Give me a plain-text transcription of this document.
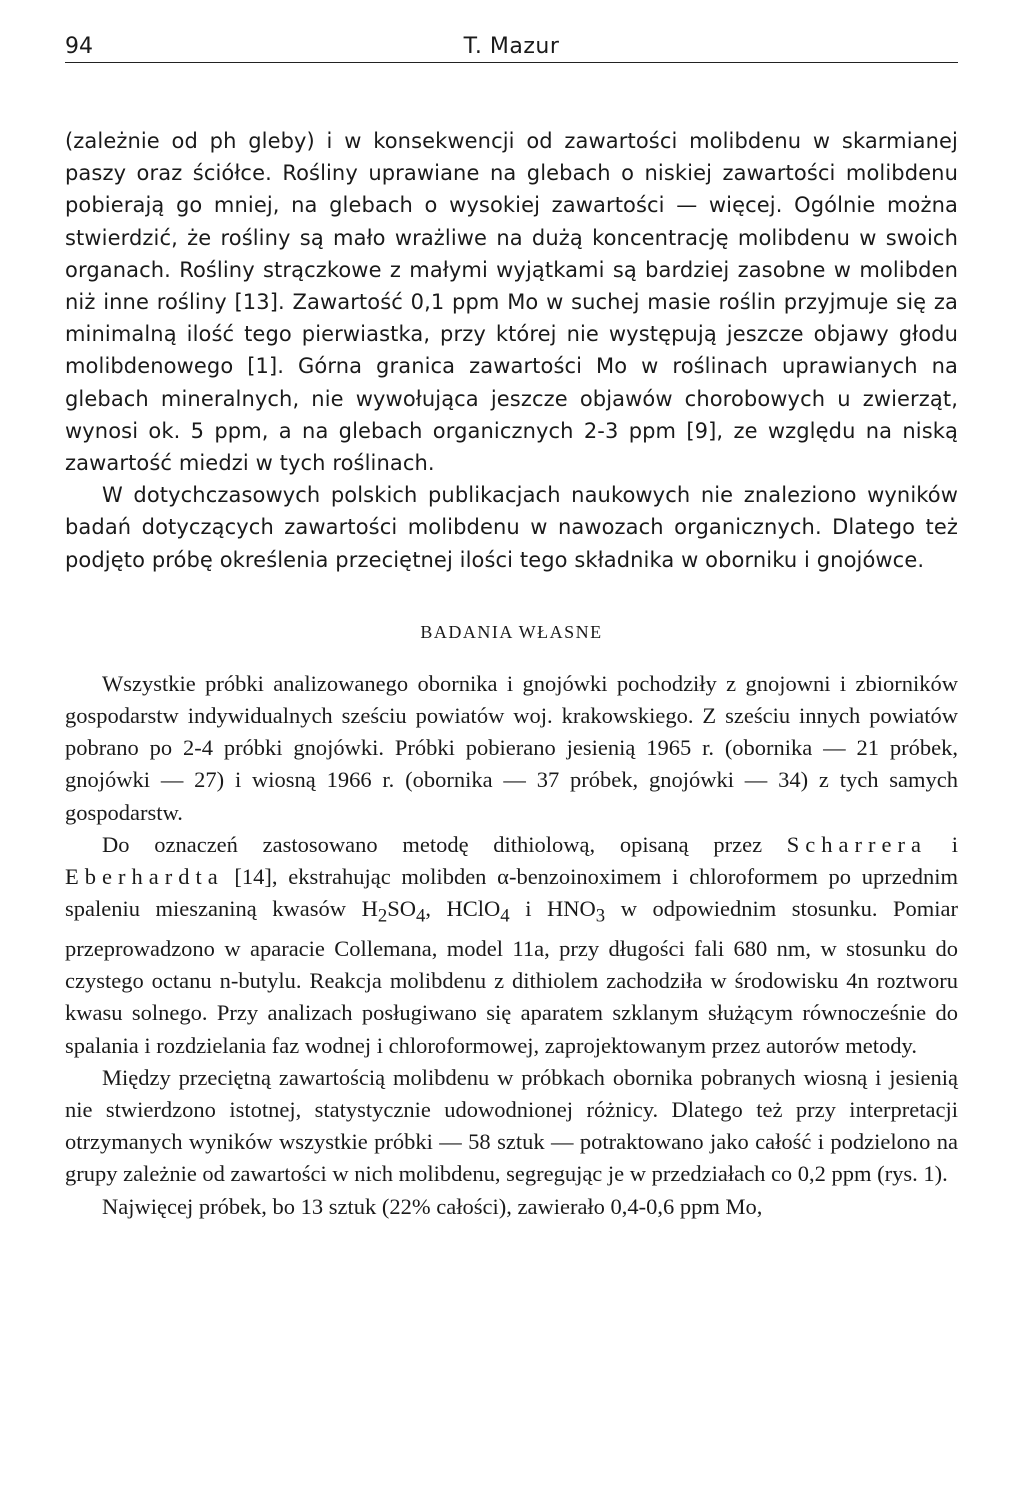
94	T. Mazur

(zależnie od ph gleby) i w konsekwencji od zawartości molibdenu w skarmianej paszy oraz ściółce. Rośliny uprawiane na glebach o niskiej zawartości molibdenu pobierają go mniej, na glebach o wysokiej zawartości — więcej. Ogólnie można stwierdzić, że rośliny są mało wrażliwe na dużą koncentrację molibdenu w swoich organach. Rośliny strączkowe z małymi wyjątkami są bardziej zasobne w molibden niż inne rośliny [13]. Zawartość 0,1 ppm Mo w suchej masie roślin przyjmuje się za minimalną ilość tego pierwiastka, przy której nie występują jeszcze objawy głodu molibdenowego [1]. Górna granica zawartości Mo w roślinach uprawianych na glebach mineralnych, nie wywołująca jeszcze objawów chorobowych u zwierząt, wynosi ok. 5 ppm, a na glebach organicznych 2-3 ppm [9], ze względu na niską zawartość miedzi w tych roślinach.

W dotychczasowych polskich publikacjach naukowych nie znaleziono wyników badań dotyczących zawartości molibdenu w nawozach organicznych. Dlatego też podjęto próbę określenia przeciętnej ilości tego składnika w oborniku i gnojówce.

BADANIA WŁASNE

Wszystkie próbki analizowanego obornika i gnojówki pochodziły z gnojowni i zbiorników gospodarstw indywidualnych sześciu powiatów woj. krakowskiego. Z sześciu innych powiatów pobrano po 2-4 próbki gnojówki. Próbki pobierano jesienią 1965 r. (obornika — 21 próbek, gnojówki — 27) i wiosną 1966 r. (obornika — 37 próbek, gnojówki — 34) z tych samych gospodarstw.

Do oznaczeń zastosowano metodę dithiolową, opisaną przez Scharrera i Eberhardta [14], ekstrahując molibden α-benzoinoximem i chloroformem po uprzednim spaleniu mieszaniną kwasów $H_2SO_4$, HClO$_4$ i $HNO_3$ w odpowiednim stosunku. Pomiar przeprowadzono w aparacie Collemana, model 11a, przy długości fali 680 nm, w stosunku do czystego octanu n-butylu. Reakcja molibdenu z dithiolem zachodziła w środowisku 4n roztworu kwasu solnego. Przy analizach posługiwano się aparatem szklanym służącym równocześnie do spalania i rozdzielania faz wodnej i chloroformowej, zaprojektowanym przez autorów metody.

Między przeciętną zawartością molibdenu w próbkach obornika pobranych wiosną i jesienią nie stwierdzono istotnej, statystycznie udowodnionej różnicy. Dlatego też przy interpretacji otrzymanych wyników wszystkie próbki — 58 sztuk — potraktowano jako całość i podzielono na grupy zależnie od zawartości w nich molibdenu, segregując je w przedziałach co 0,2 ppm (rys. 1).

Najwięcej próbek, bo 13 sztuk (22% całości), zawierało 0,4-0,6 ppm Mo,
